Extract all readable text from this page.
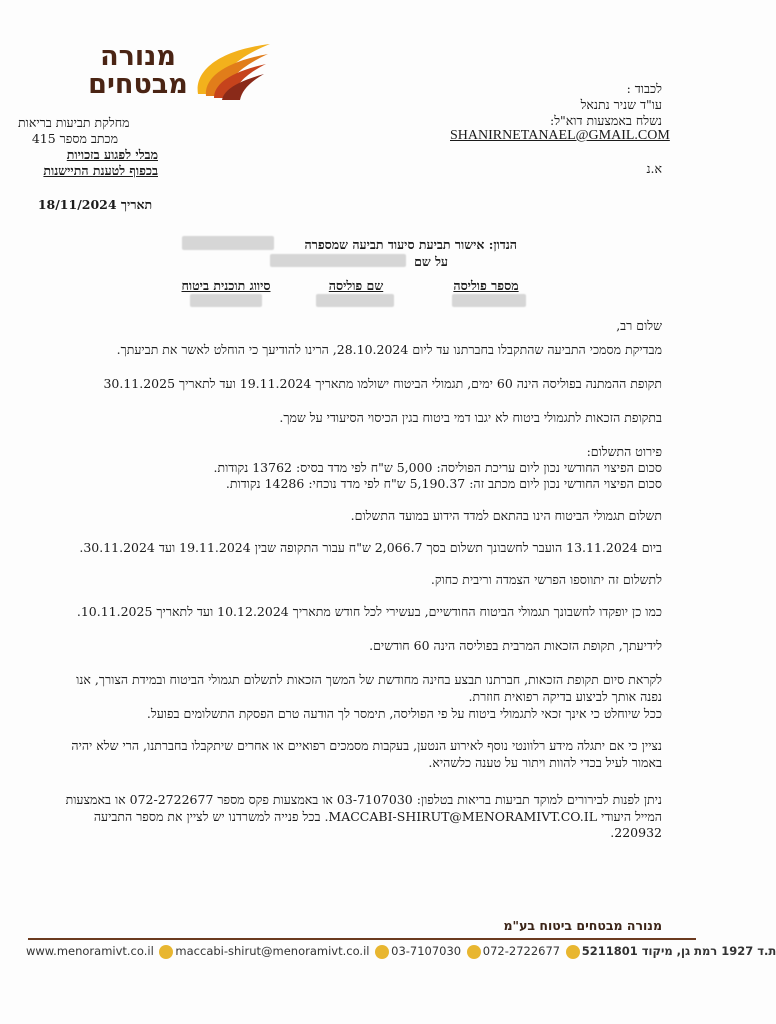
מנורה
מבטחים
מחלקת תביעות בריאות
מכתב מספר 415
מבלי לפגוע בזכויות
בכפוף לטענת התיישנות
תאריך 18/11/2024
לכבוד :
עו"ד שניר נתנאל
נשלח באמצעות דוא"ל:
SHANIRNETANAEL@GMAIL.COM
א.נ
הנדון: אישור תביעת סיעוד תביעה שמספרה
על שם
מספר פוליסה
שם פוליסה
סיווג תוכנית ביטוח
שלום רב,
מבדיקת מסמכי התביעה שהתקבלו בחברתנו עד ליום 28.10.2024, הרינו להודיעך כי הוחלט לאשר את תביעתך.
תקופת ההמתנה בפוליסה הינה 60 ימים, תגמולי הביטוח ישולמו מתאריך 19.11.2024 ועד לתאריך 30.11.2025
בתקופת הזכאות לתגמולי ביטוח לא יגבו דמי ביטוח בגין הכיסוי הסיעודי על שמך.
פירוט התשלום:
סכום הפיצוי החודשי נכון ליום עריכת הפוליסה: 5,000 ש"ח לפי מדד בסיס: 13762 נקודות.
סכום הפיצוי החודשי נכון ליום מכתב זה: 5,190.37 ש"ח לפי מדד נוכחי: 14286 נקודות.
תשלום תגמולי הביטוח הינו בהתאם למדד הידוע במועד התשלום.
ביום 13.11.2024 הועבר לחשבונך תשלום בסך 2,066.7 ש"ח עבור התקופה שבין 19.11.2024 ועד 30.11.2024.
לתשלום זה יתווספו הפרשי הצמדה וריבית כחוק.
כמו כן יופקדו לחשבונך תגמולי הביטוח החודשיים, בעשירי לכל חודש מתאריך 10.12.2024 ועד לתאריך 10.11.2025.
לידיעתך, תקופת הזכאות המרבית בפוליסה הינה 60 חודשים.
לקראת סיום תקופת הזכאות, חברתנו תבצע בחינה מחודשת של המשך הזכאות לתשלום תגמולי הביטוח ובמידת הצורך, אנו נפנה אותך לביצוע בדיקה רפואית חוזרת.
ככל שיוחלט כי אינך זכאי לתגמולי ביטוח על פי הפוליסה, תימסר לך הודעה טרם הפסקת התשלומים בפועל.
נציין כי אם יתגלה מידע רלוונטי נוסף לאירוע הנטען, בעקבות מסמכים רפואיים או אחרים שיתקבלו בחברתנו, הרי שלא יהיה באמור לעיל בכדי להוות ויתור על טענה כלשהיא.
ניתן לפנות לבירורים למוקד תביעות בריאות בטלפון: 03-7107030 או באמצעות פקס מספר 072-2722677 או באמצעות המייל היעודי MACCABI-SHIRUT@MENORAMIVT.CO.IL. בכל פנייה למשרדנו יש לציין את מספר התביעה 220932.
מנורה מבטחים ביטוח בע"מ
www.menoramivt.co.il maccabi-shirut@menoramivt.co.il 03-7107030 072-2722677 ת.ד 1927 רמת גן, מיקוד 5211801
